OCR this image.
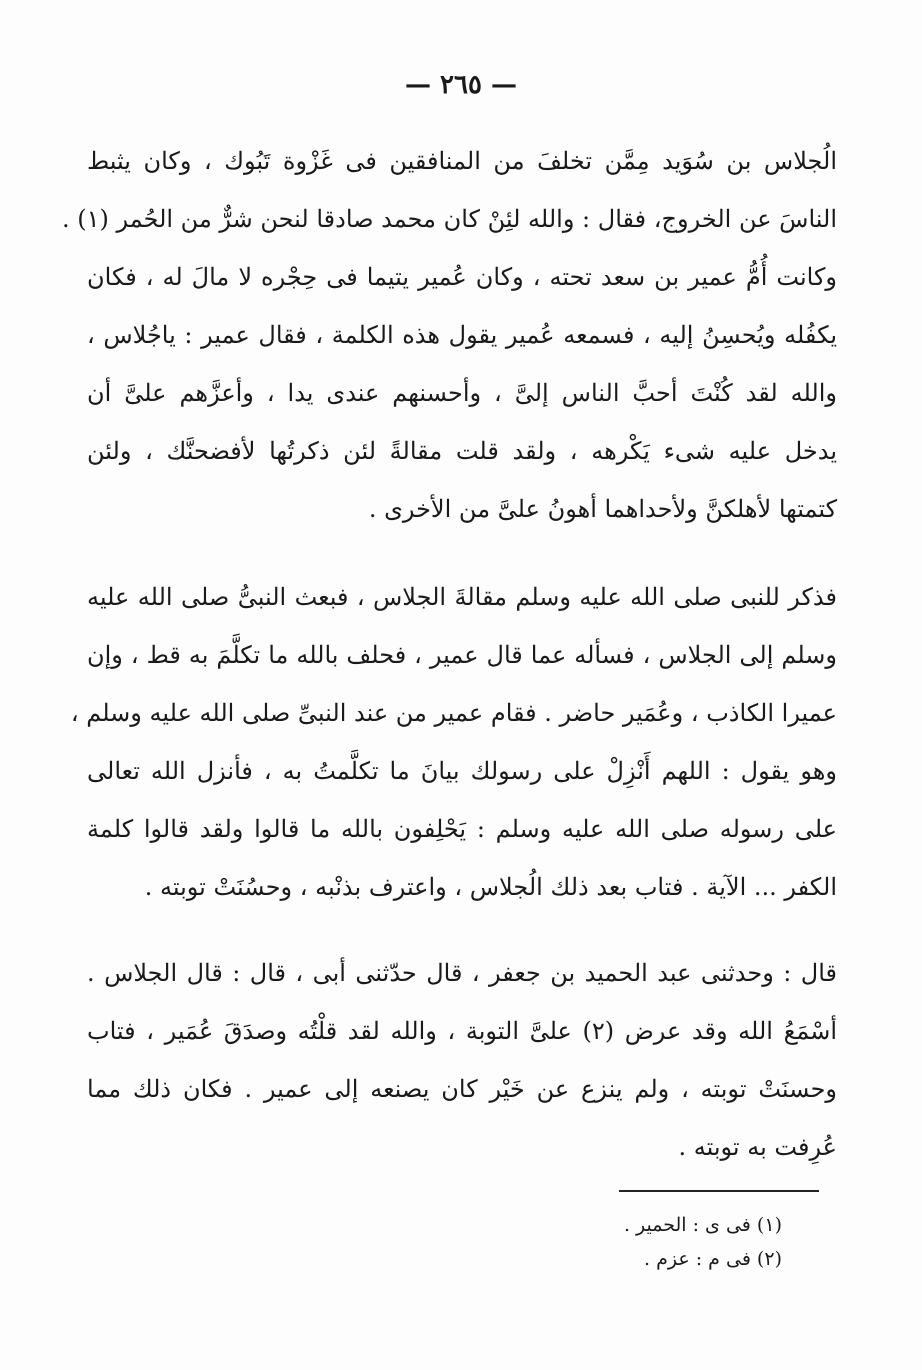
— ٢٦٥ —
الُجلاس بن سُوَيد مِمَّن تخلفَ من المنافقين فى غَزْوة تَبُوك ، وكان يثبط
الناسَ عن الخروج، فقال : والله لئِنْ كان محمد صادقا لنحن شرٌّ من الحُمر (١) .
وكانت أُمُّ عمير بن سعد تحته ، وكان عُمير يتيما فى حِجْره لا مالَ له ، فكان
يكفُله ويُحسِنُ إليه ، فسمعه عُمير يقول هذه الكلمة ، فقال عمير : ياجُلاس ،
والله لقد كُنْتَ أحبَّ الناس إلىَّ ، وأحسنهم عندى يدا ، وأعزَّهم علىَّ أن
يدخل عليه شىء يَكْرهه ، ولقد قلت مقالةً لئن ذكرتُها لأفضحنَّك ، ولئن
كتمتها لأهلكنَّ ولأحداهما أهونُ علىَّ من الأخرى .
فذكر للنبى صلى الله عليه وسلم مقالةَ الجلاس ، فبعث النبىُّ صلى الله عليه
وسلم إلى الجلاس ، فسأله عما قال عمير ، فحلف بالله ما تكلَّمَ به قط ، وإن
عميرا الكاذب ، وعُمَير حاضر . فقام عمير من عند النبىِّ صلى الله عليه وسلم ،
وهو يقول : اللهم أَنْزِلْ على رسولك بيانَ ما تكلَّمتُ به ، فأنزل الله تعالى
على رسوله صلى الله عليه وسلم : يَحْلِفون بالله ما قالوا ولقد قالوا كلمة
الكفر ... الآية . فتاب بعد ذلك الُجلاس ، واعترف بذنْبه ، وحسُنَتْ توبته .
قال : وحدثنى عبد الحميد بن جعفر ، قال حدّثنى أبى ، قال : قال الجلاس .
أسْمَعُ الله وقد عرض (٢) علىَّ التوبة ، والله لقد قلْتُه وصدَقَ عُمَير ، فتاب
وحسنَتْ توبته ، ولم ينزع عن خَيْر كان يصنعه إلى عمير . فكان ذلك مما
عُرِفت به توبته .
(١) فى ى : الحمير .
(٢) فى م : عزم .
